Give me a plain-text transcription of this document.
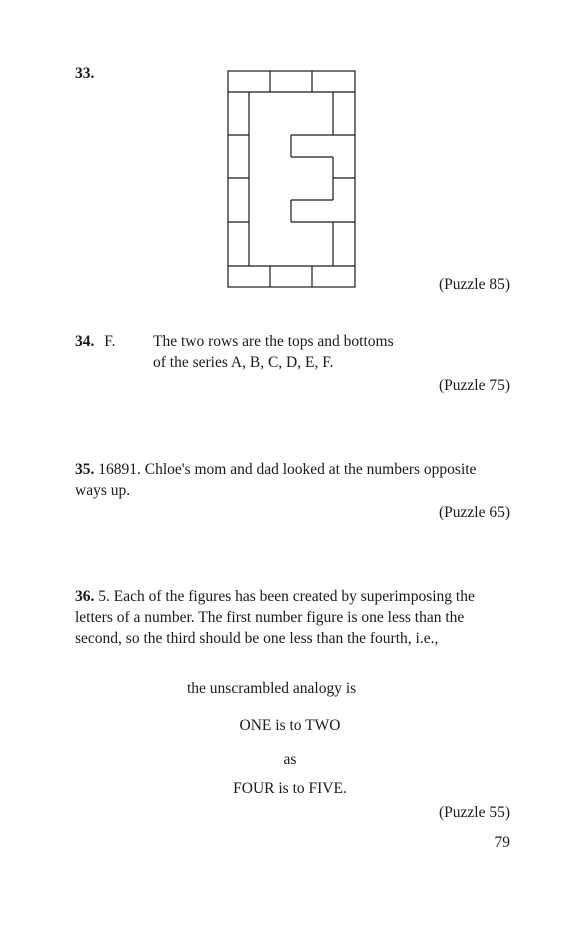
33.
(Puzzle 85)
34. F. The two rows are the tops and bottoms
of the series A, B, C, D, E, F.
(Puzzle 75)
35. 16891. Chloe's mom and dad looked at the numbers opposite
ways up.
(Puzzle 65)
36. 5. Each of the figures has been created by superimposing the
letters of a number. The first number figure is one less than the
second, so the third should be one less than the fourth, i.e.,
the unscrambled analogy is
ONE is to TWO
as
FOUR is to FIVE.
(Puzzle 55)
79
